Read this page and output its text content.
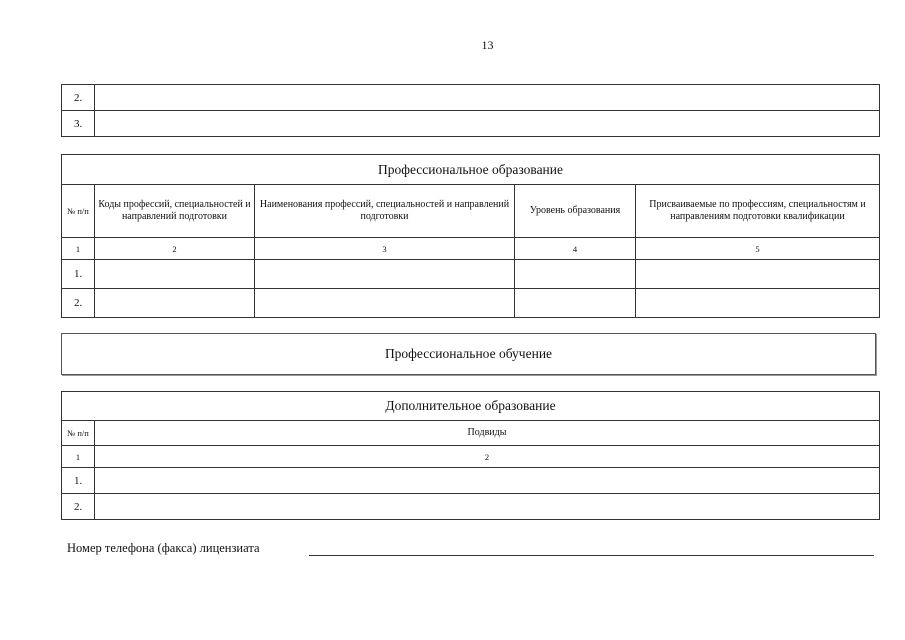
13
2.	
3.	
Профессиональное образование				
№ п/п	Коды профессий, специальностей и направлений подготовки	Наименования профессий, специальностей и направлений подготовки	Уровень образования	Присваиваемые по профессиям, специальностям и направлениям подготовки квалификации
1	2	3	4	5
1.				
2.				
Профессиональное обучение
Дополнительное образование	
№ п/п	Подвиды
1	2
1.	
2.	
Номер телефона (факса) лицензиата
